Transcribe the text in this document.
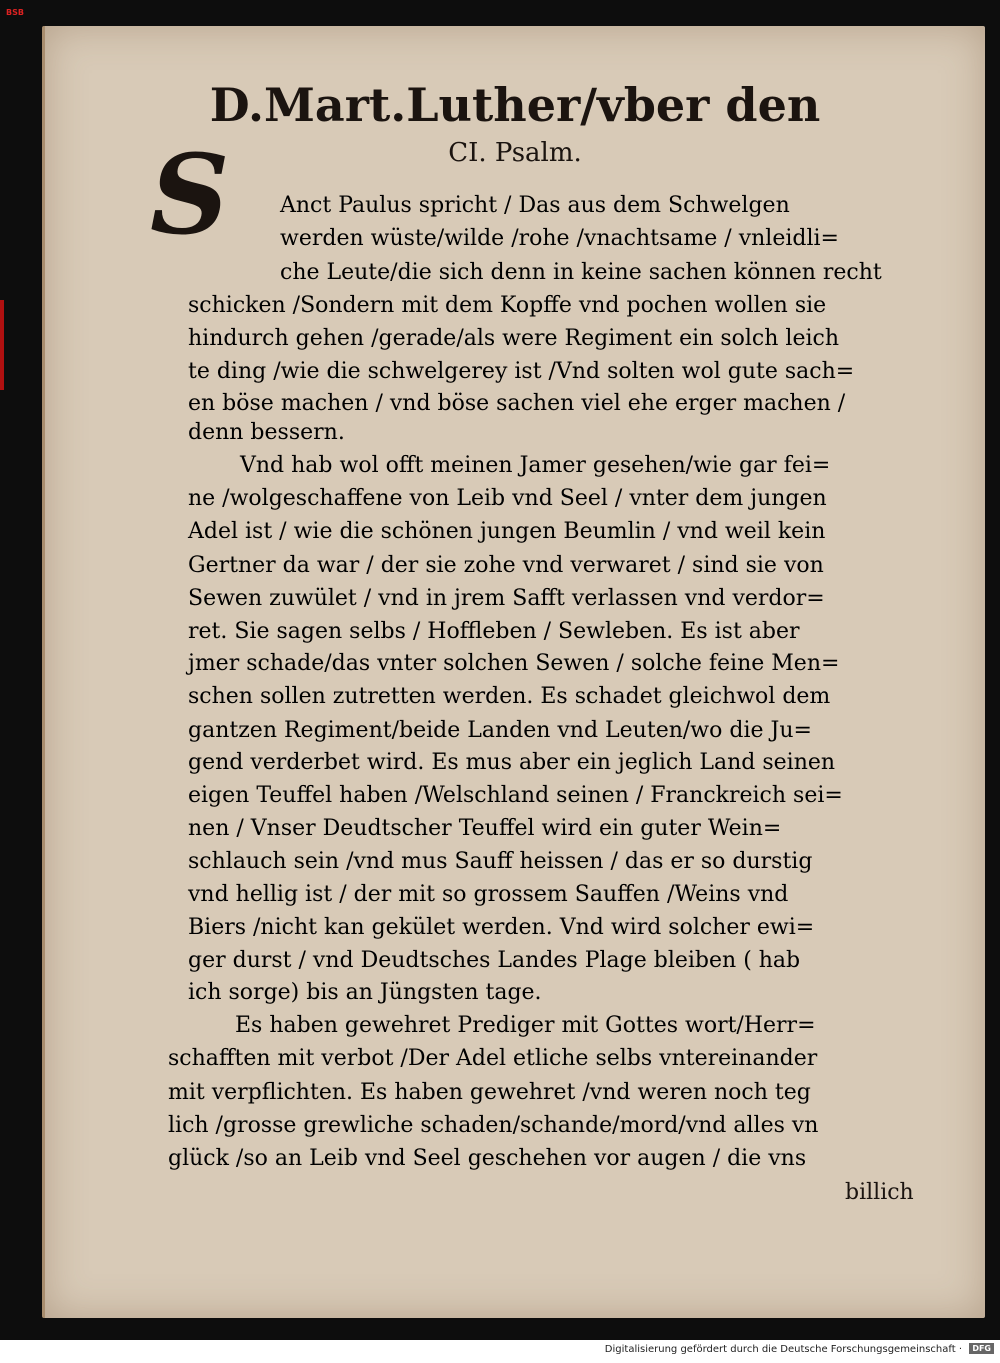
BSB
D.Mart.Luther/vber den
CI. Psalm.
S Anct Paulus spricht / Das aus dem Schwelgen
werden wüste/wilde /rohe /vnachtsame / vnleidli=
che Leute/die sich denn in keine sachen können recht
schicken /Sondern mit dem Kopffe vnd pochen wollen sie
hindurch gehen /gerade/als were Regiment ein solch leich
te ding /wie die schwelgerey ist /Vnd solten wol gute sach=
en böse machen / vnd böse sachen viel ehe erger machen /
denn bessern.
Vnd hab wol offt meinen Jamer gesehen/wie gar fei=
ne /wolgeschaffene von Leib vnd Seel / vnter dem jungen
Adel ist / wie die schönen jungen Beumlin / vnd weil kein
Gertner da war / der sie zohe vnd verwaret / sind sie von
Sewen zuwület / vnd in jrem Safft verlassen vnd verdor=
ret. Sie sagen selbs / Hoffleben / Sewleben. Es ist aber
jmer schade/das vnter solchen Sewen / solche feine Men=
schen sollen zutretten werden. Es schadet gleichwol dem
gantzen Regiment/beide Landen vnd Leuten/wo die Ju=
gend verderbet wird. Es mus aber ein jeglich Land seinen
eigen Teuffel haben /Welschland seinen / Franckreich sei=
nen / Vnser Deudtscher Teuffel wird ein guter Wein=
schlauch sein /vnd mus Sauff heissen / das er so durstig
vnd hellig ist / der mit so grossem Sauffen /Weins vnd
Biers /nicht kan gekület werden. Vnd wird solcher ewi=
ger durst / vnd Deudtsches Landes Plage bleiben ( hab
ich sorge) bis an Jüngsten tage.
Es haben gewehret Prediger mit Gottes wort/Herr=
schafften mit verbot /Der Adel etliche selbs vntereinander
mit verpflichten. Es haben gewehret /vnd weren noch teg
lich /grosse grewliche schaden/schande/mord/vnd alles vn
glück /so an Leib vnd Seel geschehen vor augen / die vns
billich
Digitalisierung gefördert durch die Deutsche Forschungsgemeinschaft ·	DFG
